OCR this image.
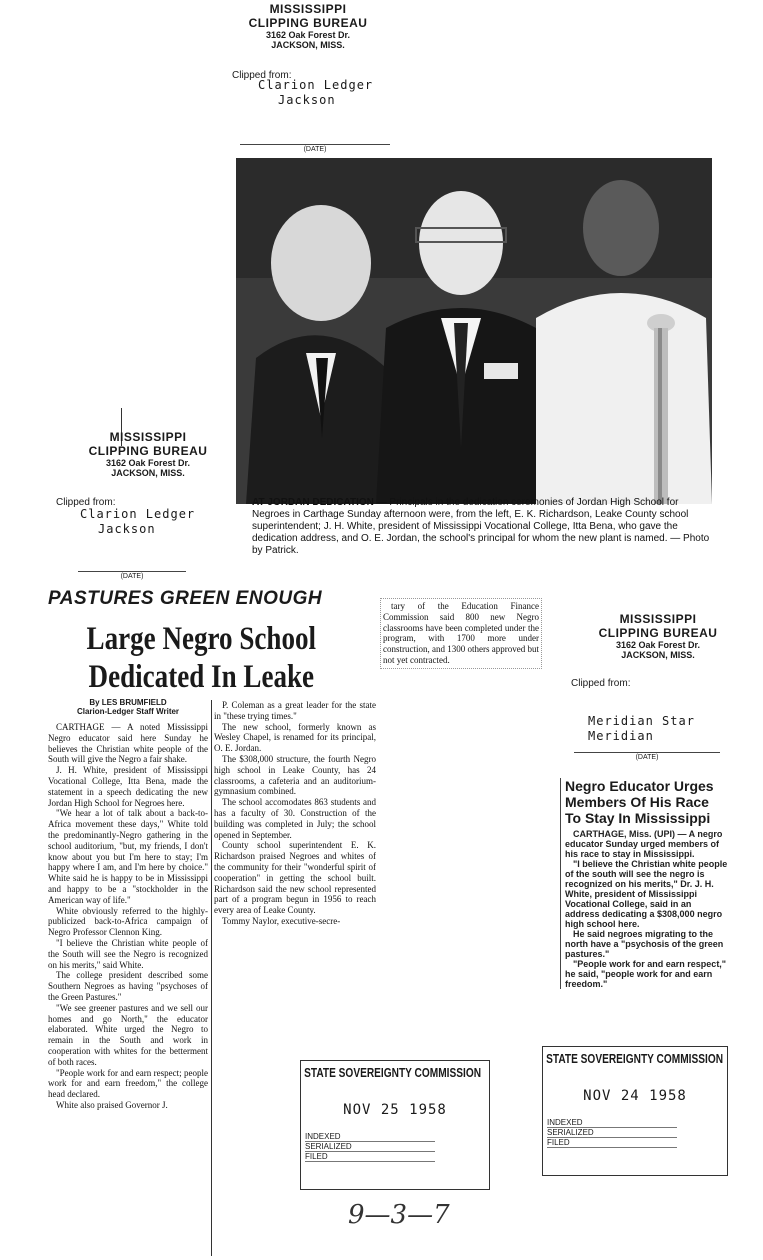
MISSISSIPPI
CLIPPING BUREAU
3162 Oak Forest Dr.
JACKSON, MISS.
Clipped from:
Clarion Ledger
Jackson
(DATE)
AT JORDAN DEDICATION — Principals in the dedication ceremonies of Jordan High School for Negroes in Carthage Sunday afternoon were, from the left, E. K. Richardson, Leake County school superintendent; J. H. White, president of Mississippi Vocational College, Itta Bena, who gave the dedication address, and O. E. Jordan, the school's principal for whom the new plant is named. — Photo by Patrick.
MISSISSIPPI
CLIPPING BUREAU
3162 Oak Forest Dr.
JACKSON, MISS.
Clipped from:
Clarion Ledger
Jackson
(DATE)
PASTURES GREEN ENOUGH
Large Negro School
Dedicated In Leake
By LES BRUMFIELD
Clarion-Ledger Staff Writer

CARTHAGE — A noted Mississippi Negro educator said here Sunday he believes the Christian white people of the South will give the Negro a fair shake.

J. H. White, president of Mississippi Vocational College, Itta Bena, made the statement in a speech dedicating the new Jordan High School for Negroes here.

"We hear a lot of talk about a back-to-Africa movement these days," White told the predominantly-Negro gathering in the school auditorium, "but, my friends, I don't know about you but I'm here to stay; I'm happy where I am, and I'm here by choice." White said he is happy to be in Mississippi and happy to be a "stockholder in the American way of life."

White obviously referred to the highly-publicized back-to-Africa campaign of Negro Professor Clennon King.

"I believe the Christian white people of the South will see the Negro is recognized on his merits," said White.

The college president described some Southern Negroes as having "psychoses of the Green Pastures."

"We see greener pastures and we sell our homes and go North," the educator elaborated. White urged the Negro to remain in the South and work in cooperation with whites for the betterment of both races.

"People work for and earn respect; people work for and earn freedom," the college head declared.

White also praised Governor J.

P. Coleman as a great leader for the state in "these trying times."

The new school, formerly known as Wesley Chapel, is renamed for its principal, O. E. Jordan.

The $308,000 structure, the fourth Negro high school in Leake County, has 24 classrooms, a cafeteria and an auditorium-gymnasium combined.

The school accomodates 863 students and has a faculty of 30. Construction of the building was completed in July; the school opened in September.

County school superintendent E. K. Richardson praised Negroes and whites of the community for their "wonderful spirit of cooperation" in getting the school built. Richardson said the new school represented part of a program begun in 1956 to reach every area of Leake County.

Tommy Naylor, executive-secre-

tary of the Education Finance Commission said 800 new Negro classrooms have been completed under the program, with 1700 more under construction, and 1300 others approved but not yet contracted.

MISSISSIPPI
CLIPPING BUREAU
3162 Oak Forest Dr.
JACKSON, MISS.
Clipped from:
Meridian Star
Meridian
(DATE)
Negro Educator Urges Members Of His Race To Stay In Mississippi

CARTHAGE, Miss. (UPI) — A negro educator Sunday urged members of his race to stay in Mississippi.

"I believe the Christian white people of the south will see the negro is recognized on his merits," Dr. J. H. White, president of Mississippi Vocational College, said in an address dedicating a $308,000 negro high school here.

He said negroes migrating to the north have a "psychosis of the green pastures."

"People work for and earn respect," he said, "people work for and earn freedom."

STATE SOVEREIGNTY COMMISSION
NOV 25 1958
INDEXED
SERIALIZED
FILED
STATE SOVEREIGNTY COMMISSION
NOV 24 1958
INDEXED
SERIALIZED
FILED
9—3—7
